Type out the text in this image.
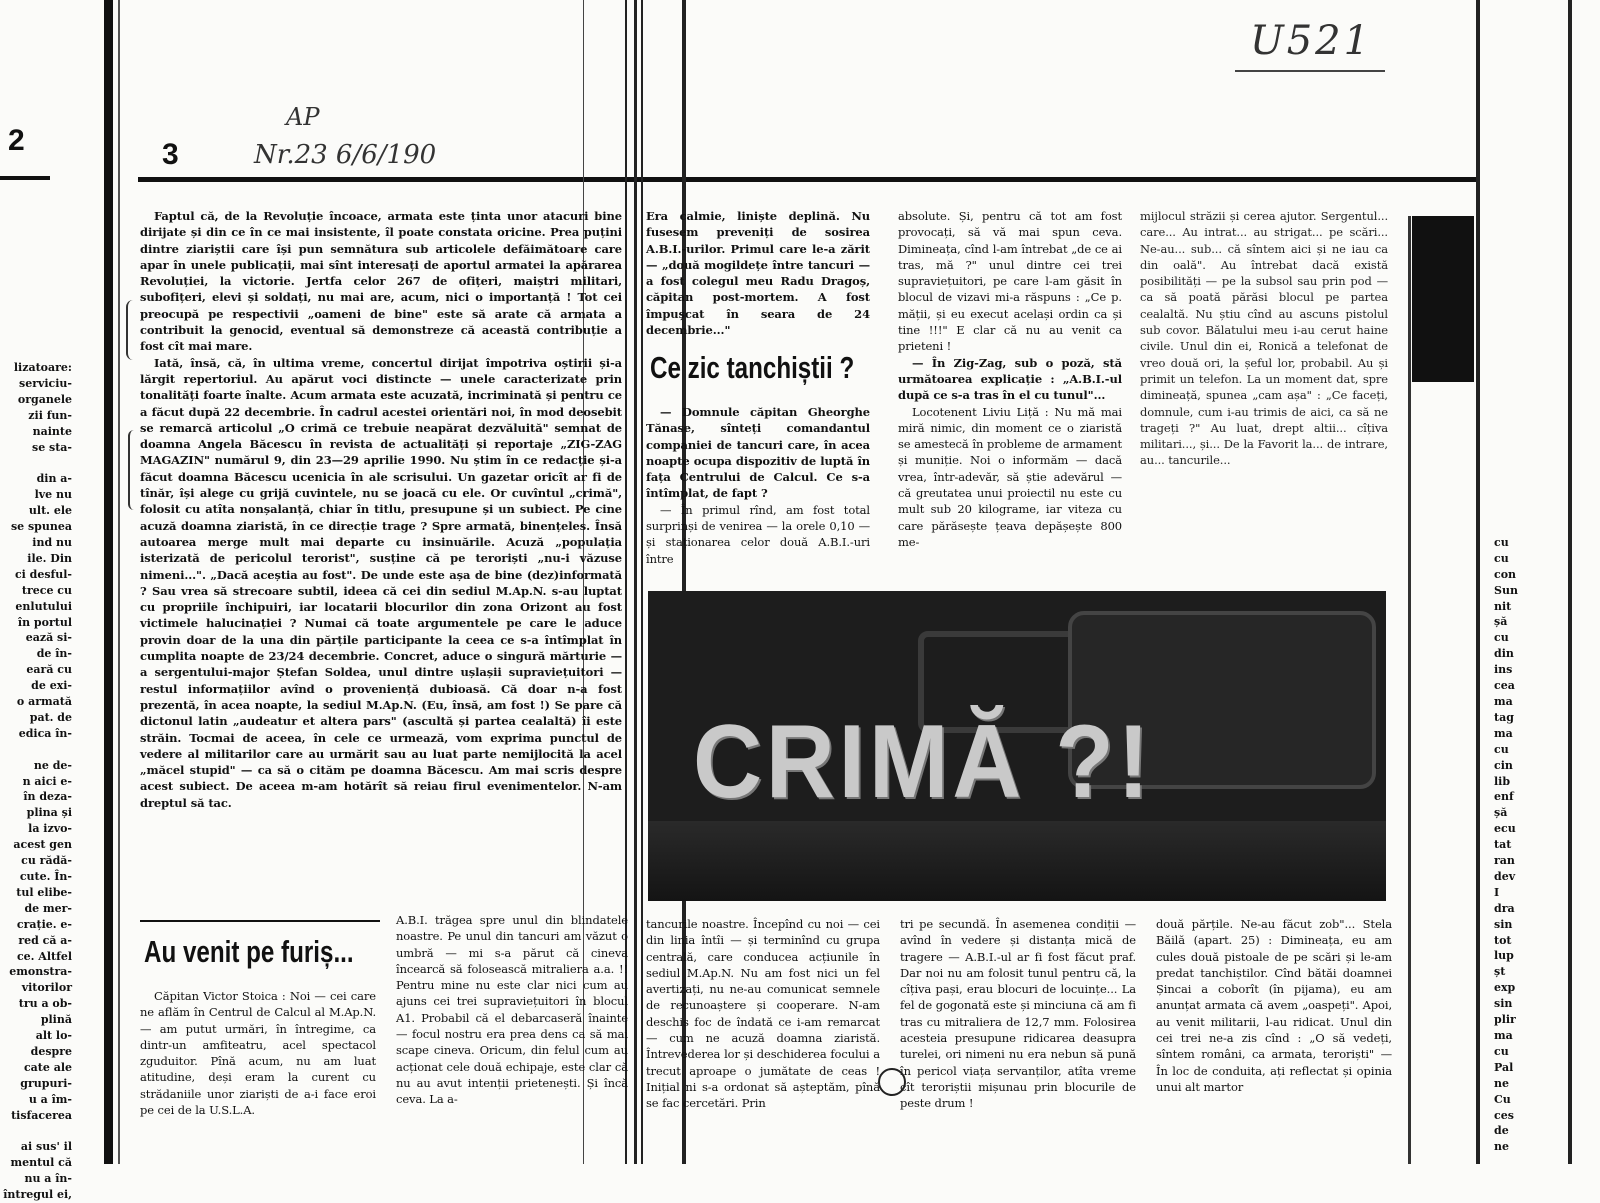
2
lizatoare:
serviciu-
organele
zii fun-
nainte
se sta-

din a-
lve nu
ult. ele
se spunea
ind nu
ile. Din
ci desful-
trece cu
enlutului
în portul
ează si-
de în-
eară cu
de exi-
o armată
pat. de
edica în-

ne de-
n aici e-
în deza-
plina și
la izvo-
acest gen
cu rădă-
cute. În-
tul elibe-
de mer-
crație. e-
red că a-
ce. Altfel
emonstra-
vitorilor
tru a ob-
plină
alt lo-
despre
cate ale
grupuri-
u a îm-
tisfacerea

ai sus' il
mentul că
nu a în-
întregul ei,
3
AP
Nr.23 6/6/190
U521

Faptul că, de la Revoluție încoace, armata este ținta unor atacuri bine dirijate și din ce în ce mai insistente, îl poate constata oricine. Prea puțini dintre ziariștii care își pun semnătura sub articolele defăimătoare care apar în unele publicații, mai sînt interesați de aportul armatei la apărarea Revoluției, la victorie. Jertfa celor 267 de ofițeri, maiștri militari, subofițeri, elevi și soldați, nu mai are, acum, nici o importanță ! Tot cei preocupă pe respectivii „oameni de bine" este să arate că armata a contribuit la genocid, eventual să demonstreze că această contribuție a fost cît mai mare.

Iată, însă, că, în ultima vreme, concertul dirijat împotriva oștirii și-a lărgit repertoriul. Au apărut voci distincte — unele caracterizate prin tonalități foarte înalte. Acum armata este acuzată, incriminată și pentru ce a făcut după 22 decembrie. În cadrul acestei orientări noi, în mod deosebit se remarcă articolul „O crimă ce trebuie neapărat dezvăluită" semnat de doamna Angela Băcescu în revista de actualități și reportaje „ZIG-ZAG MAGAZIN" numărul 9, din 23—29 aprilie 1990. Nu știm în ce redacție și-a făcut doamna Băcescu ucenicia în ale scrisului. Un gazetar oricît ar fi de tînăr, își alege cu grijă cuvintele, nu se joacă cu ele. Or cuvîntul „crimă", folosit cu atîta nonșalanță, chiar în titlu, presupune și un subiect. Pe cine acuză doamna ziaristă, în ce direcție trage ? Spre armată, binențeles. Însă autoarea merge mult mai departe cu insinuările. Acuză „populația isterizată de pericolul terorist", susține că pe teroriști „nu-i văzuse nimeni...". „Dacă aceștia au fost". De unde este așa de bine (dez)informată ? Sau vrea să strecoare subtil, ideea că cei din sediul M.Ap.N. s-au luptat cu propriile închipuiri, iar locatarii blocurilor din zona Orizont au fost victimele halucinației ? Numai că toate argumentele pe care le aduce provin doar de la una din părțile participante la ceea ce s-a întîmplat în cumplita noapte de 23/24 decembrie. Concret, aduce o singură mărturie — a sergentului-major Ștefan Soldea, unul dintre ușlașii supraviețuitori — restul informațiilor avînd o proveniență dubioasă. Că doar n-a fost prezentă, în acea noapte, la sediul M.Ap.N. (Eu, însă, am fost !) Se pare că dictonul latin „audeatur et altera pars" (ascultă și partea cealaltă) îi este străin. Tocmai de aceea, în cele ce urmează, vom exprima punctul de vedere al militarilor care au urmărit sau au luat parte nemijlocită la acel „măcel stupid" — ca să o cităm pe doamna Băcescu. Am mai scris despre acest subiect. De aceea m-am hotărît să reiau firul evenimentelor. N-am dreptul să tac.

Era calmie, liniște deplină. Nu fusesem preveniți de sosirea A.B.I.-urilor. Primul care le-a zărit — „două mogildețe între tancuri — a fost colegul meu Radu Dragoș, căpitan post-mortem. A fost împușcat în seara de 24 decembrie..."

Ce zic tanchiștii ?

— Domnule căpitan Gheorghe Tănase, sînteți comandantul companiei de tancuri care, în acea noapte ocupa dispozitiv de luptă în fața Centrului de Calcul. Ce s-a întîmplat, de fapt ?

— În primul rînd, am fost total surprinși de venirea — la orele 0,10 — și staționarea celor două A.B.I.-uri între

absolute. Și, pentru că tot am fost provocați, să vă mai spun ceva. Dimineața, cînd l-am întrebat „de ce ai tras, mă ?" unul dintre cei trei supraviețuitori, pe care l-am găsit în blocul de vizavi mi-a răspuns : „Ce p. mății, și eu execut același ordin ca și tine !!!" E clar că nu au venit ca prieteni !

— În Zig-Zag, sub o poză, stă următoarea explicație : „A.B.I.-ul după ce s-a tras în el cu tunul"...

Locotenent Liviu Liță : Nu mă mai miră nimic, din moment ce o ziaristă se amestecă în probleme de armament și muniție. Noi o informăm — dacă vrea, într-adevăr, să știe adevărul — că greutatea unui proiectil nu este cu mult sub 20 kilograme, iar viteza cu care părăsește țeava depășește 800 me-

mijlocul străzii și cerea ajutor. Sergentul... care... Au intrat... au strigat... pe scări... Ne-au... sub... că sîntem aici și ne iau ca din oală". Au întrebat dacă există posibilități — pe la subsol sau prin pod — ca să poată părăsi blocul pe partea cealaltă. Nu știu cînd au ascuns pistolul sub covor. Bălatului meu i-au cerut haine civile. Unul din ei, Ronică a telefonat de vreo două ori, la șeful lor, probabil. Au și primit un telefon. La un moment dat, spre dimineață, spunea „cam așa" : „Ce faceți, domnule, cum i-au trimis de aici, ca să ne trageți ?" Au luat, drept altii... cîțiva militari..., și... De la Favorit la... de intrare, au... tancurile...

cu
cu
con
Sun
nit
șă
cu
din
ins
cea
ma
tag
ma
cu
cin
lib
enf
șă
ecu
tat
ran
dev
I
dra
sin
tot
lup
șt
exp
sin
plir
ma
cu
Pal
ne
Cu
ces
de
ne
CRIMĂ ?!
Au venit pe furiș...

Căpitan Victor Stoica : Noi — cei care ne aflăm în Centrul de Calcul al M.Ap.N. — am putut urmări, în întregime, ca dintr-un amfiteatru, acel spectacol zguduitor. Pînă acum, nu am luat atitudine, deși eram la curent cu strădaniile unor ziariști de a-i face eroi pe cei de la U.S.L.A.

A.B.I. trăgea spre unul din blindatele noastre. Pe unul din tancuri am văzut o umbră — mi s-a părut că cineva încearcă să folosească mitraliera a.a. !! Pentru mine nu este clar nici cum au ajuns cei trei supraviețuitori în blocul A1. Probabil că el debarcaseră înainte — focul nostru era prea dens ca să mai scape cineva. Oricum, din felul cum au acționat cele două echipaje, este clar că nu au avut intenții prietenești. Și încă ceva. La a-

tancurile noastre. Începînd cu noi — cei din linia întîi — și terminînd cu grupa centrală, care conducea acțiunile în sediul M.Ap.N. Nu am fost nici un fel avertizați, nu ne-au comunicat semnele de recunoaștere și cooperare. N-am deschis foc de îndată ce i-am remarcat — cum ne acuză doamna ziaristă. Întrevederea lor și deschiderea focului a trecut aproape o jumătate de ceas ! Inițial ni s-a ordonat să așteptăm, pînă se fac cercetări. Prin

tri pe secundă. În asemenea condiții — avînd în vedere și distanța mică de tragere — A.B.I.-ul ar fi fost făcut praf. Dar noi nu am folosit tunul pentru că, la cîțiva pași, erau blocuri de locuințe... La fel de gogonată este și minciuna că am fi tras cu mitraliera de 12,7 mm. Folosirea acesteia presupune ridicarea deasupra turelei, ori nimeni nu era nebun să pună în pericol viața servanților, atîta vreme cît teroriștii mișunau prin blocurile de peste drum !

două părțile. Ne-au făcut zob"... Stela Băilă (apart. 25) : Dimineața, eu am cules două pistoale de pe scări și le-am predat tanchiștilor. Cînd bătăi doamnei Șincai a coborît (în pijama), eu am anunțat armata că avem „oaspeți". Apoi, au venit militarii, l-au ridicat. Unul din cei trei ne-a zis cînd : „O să vedeți, sîntem români, ca armata, teroriști" — În loc de conduita, ați reflectat și opinia unui alt martor
